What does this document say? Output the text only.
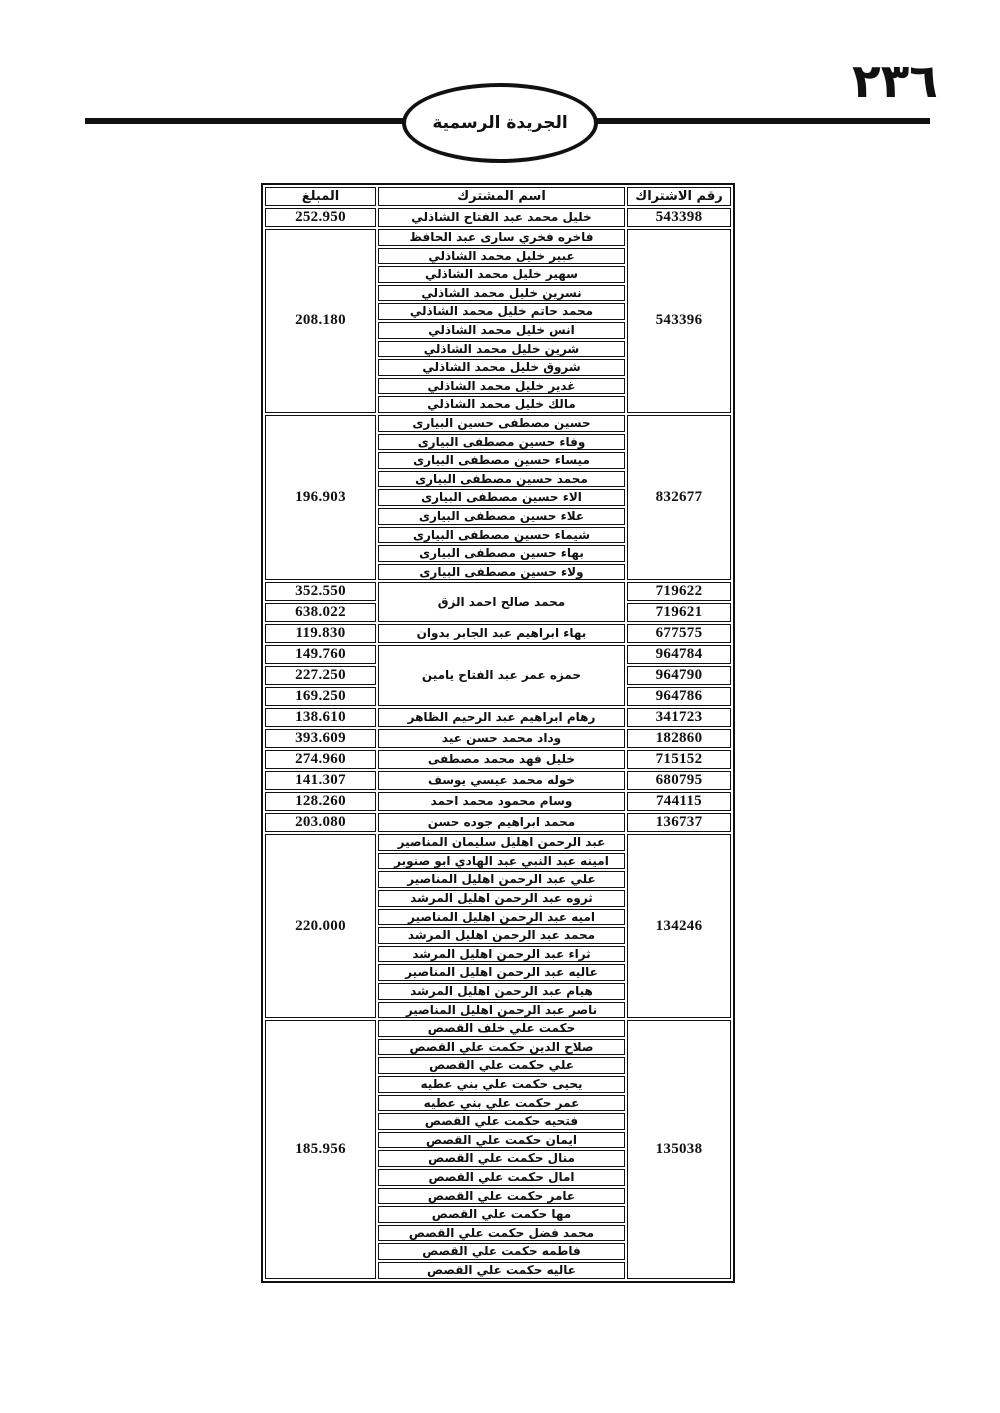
٢٣٦
الجريدة الرسمية
رقم الاشتراك	اسم المشترك	المبلغ
543398	خليل محمد عبد الفتاح الشاذلي	252.950
543396	فاخره فخري سارى عبد الحافظ	208.180
	عبير خليل محمد الشاذلي	
	سهير خليل محمد الشاذلي	
	نسرين خليل محمد الشاذلي	
	محمد حاتم خليل محمد الشاذلي	
	انس خليل محمد الشاذلي	
	شرين خليل محمد الشاذلي	
	شروق خليل محمد الشاذلي	
	غدير خليل محمد الشاذلي	
	مالك خليل محمد الشاذلي	
832677	حسين مصطفى حسين البيارى	196.903
	وفاء حسين مصطفى البيارى	
	ميساء حسين مصطفى البيارى	
	محمد حسين مصطفى البيارى	
	الاء حسين مصطفى البيارى	
	علاء حسين مصطفى البيارى	
	شيماء حسين مصطفى البيارى	
	بهاء حسين مصطفى البيارى	
	ولاء حسين مصطفى البيارى	
719622	محمد صالح احمد الزق	352.550
719621		638.022
677575	بهاء ابراهيم عبد الجابر بدوان	119.830
964784	حمزه عمر عبد الفتاح يامين	149.760
964790		227.250
964786		169.250
341723	رهام ابراهيم عبد الرحيم الظاهر	138.610
182860	وداد محمد حسن عيد	393.609
715152	خليل فهد محمد مصطفى	274.960
680795	خوله محمد عيسي يوسف	141.307
744115	وسام محمود محمد احمد	128.260
136737	محمد ابراهيم جوده حسن	203.080
134246	عبد الرحمن اهليل سليمان المناصير	220.000
	امينه عبد النبي عبد الهادي ابو صنوبر	
	علي عبد الرحمن اهليل المناصير	
	ثروه عبد الرحمن اهليل المرشد	
	اميه عبد الرحمن اهليل المناصير	
	محمد عبد الرحمن اهليل المرشد	
	ثراء عبد الرحمن اهليل المرشد	
	عاليه عبد الرحمن اهليل المناصير	
	هيام عبد الرحمن اهليل المرشد	
	ناصر عبد الرحمن اهليل المناصير	
135038	حكمت علي خلف القصص	185.956
	صلاح الدين حكمت علي القصص	
	علي حكمت علي القصص	
	يحيى حكمت علي بني عطيه	
	عمر حكمت علي بني عطيه	
	فتحيه حكمت علي القصص	
	ايمان حكمت علي القصص	
	منال حكمت علي القصص	
	امال حكمت علي القصص	
	عامر حكمت علي القصص	
	مها حكمت علي القصص	
	محمد فضل حكمت علي القصص	
	فاطمه حكمت علي القصص	
	عاليه حكمت علي القصص	
